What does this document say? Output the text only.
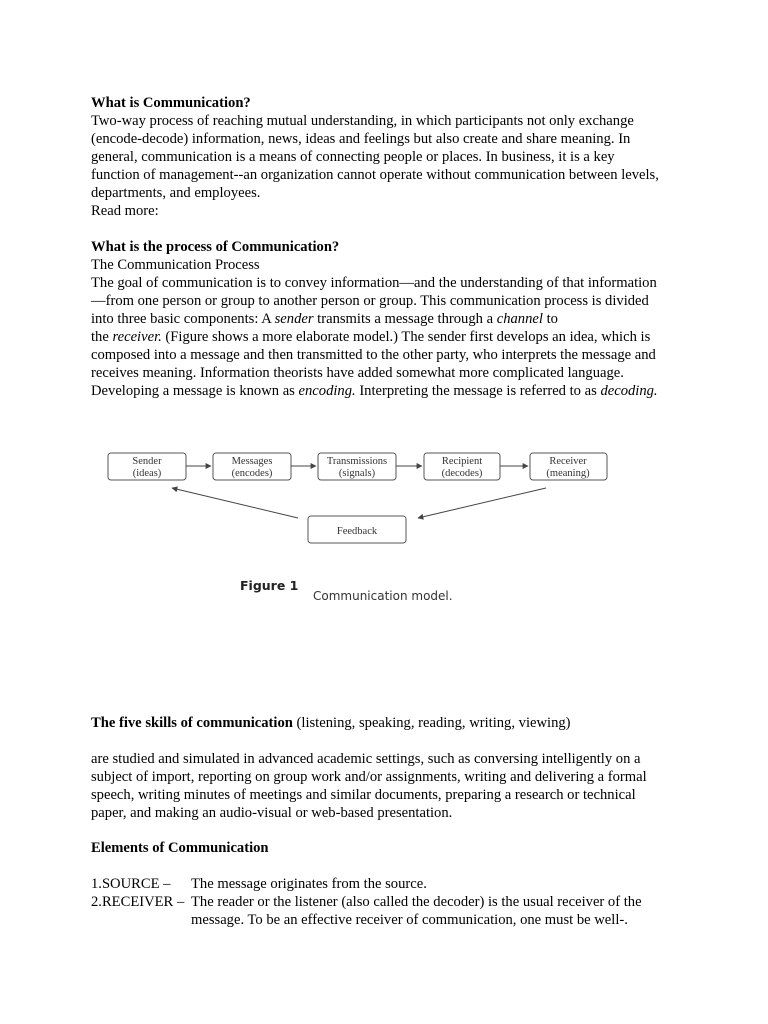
What is Communication?
Two-way process of reaching mutual understanding, in which participants not only exchange
(encode-decode) information, news, ideas and feelings but also create and share meaning. In
general, communication is a means of connecting people or places. In business, it is a key
function of management--an organization cannot operate without communication between levels,
departments, and employees.
Read more:
What is the process of Communication?
The Communication Process
The goal of communication is to convey information—and the understanding of that information
—from one person or group to another person or group. This communication process is divided
into three basic components: A sender transmits a message through a channel to
the receiver. (Figure shows a more elaborate model.) The sender first develops an idea, which is
composed into a message and then transmitted to the other party, who interprets the message and
receives meaning. Information theorists have added somewhat more complicated language.
Developing a message is known as encoding. Interpreting the message is referred to as decoding.
Sender
(ideas)
Messages
(encodes)
Transmissions
(signals)
Recipient
(decodes)
Receiver
(meaning)
Feedback
Figure 1
Communication model.
The five skills of communication (listening, speaking, reading, writing, viewing)
are studied and simulated in advanced academic settings, such as conversing intelligently on a
subject of import, reporting on group work and/or assignments, writing and delivering a formal
speech, writing minutes of meetings and similar documents, preparing a research or technical
paper, and making an audio-visual or web-based presentation.
Elements of Communication
1.SOURCE – The message originates from the source.
2.RECEIVER – The reader or the listener (also called the decoder) is the usual receiver of the
message. To be an effective receiver of communication, one must be well-.
